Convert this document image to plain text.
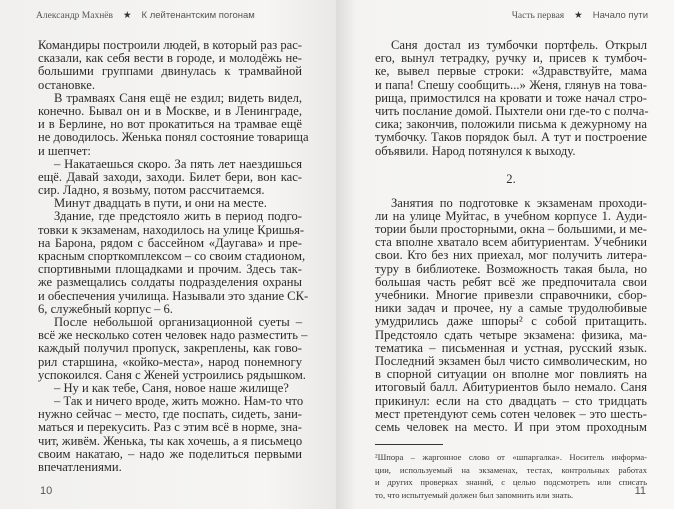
Александр Махнёв ★ К лейтенантским погонам
Командиры построили людей, в который раз рас-
сказали, как себя вести в городе, и молодёжь не-
большими группами двинулась к трамвайной
остановке.
В трамваях Саня ещё не ездил; видеть видел,
конечно. Бывал он и в Москве, и в Ленинграде,
и в Берлине, но вот прокатиться на трамвае ещё
не доводилось. Женька понял состояние товарища
и шепчет:
– Накатаешься скоро. За пять лет наездишься
ещё. Давай заходи, заходи. Билет бери, вон кас-
сир. Ладно, я возьму, потом рассчитаемся.
Минут двадцать в пути, и они на месте.
Здание, где предстояло жить в период подго-
товки к экзаменам, находилось на улице Кришья-
на Барона, рядом с бассейном «Даугава» и пре-
красным спорткомплексом – со своим стадионом,
спортивными площадками и прочим. Здесь так-
же размещались солдаты подразделения охраны
и обеспечения училища. Называли это здание СК-
6, служебный корпус – 6.
После небольшой организационной суеты –
всё же несколько сотен человек надо разместить –
каждый получил пропуск, закреплены, как гово-
рил старшина, «койко-места», народ понемногу
успокоился. Саня с Женей устроились рядышком.
– Ну и как тебе, Саня, новое наше жилище?
– Так и ничего вроде, жить можно. Нам-то что
нужно сейчас – место, где поспать, сидеть, зани-
маться и перекусить. Раз с этим всё в норме, зна-
чит, живём. Женька, ты как хочешь, а я письмецо
своим накатаю, – надо же поделиться первыми
впечатлениями.
10
Часть первая ★ Начало пути
Саня достал из тумбочки портфель. Открыл
его, вынул тетрадку, ручку и, присев к тумбоч-
ке, вывел первые строки: «Здравствуйте, мама
и папа! Спешу сообщить...» Женя, глянув на това-
рища, примостился на кровати и тоже начал стро-
чить послание домой. Пыхтели они где-то с полча-
сика; закончив, положили письма к дежурному на
тумбочку. Таков порядок был. А тут и построение
объявили. Народ потянулся к выходу.
2.
Занятия по подготовке к экзаменам проходи-
ли на улице Муйтас, в учебном корпусе 1. Ауди-
тории были просторными, окна – большими, и ме-
ста вполне хватало всем абитуриентам. Учебники
свои. Кто без них приехал, мог получить литера-
туру в библиотеке. Возможность такая была, но
большая часть ребят всё же предпочитала свои
учебники. Многие привезли справочники, сбор-
ники задач и прочее, ну а самые трудолюбивые
умудрились даже шпоры² с собой притащить.
Предстояло сдать четыре экзамена: физика, ма-
тематика – письменная и устная, русский язык.
Последний экзамен был чисто символическим, но
в спорной ситуации он вполне мог повлиять на
итоговый балл. Абитуриентов было немало. Саня
прикинул: если на сто двадцать – сто тридцать
мест претендуют семь сотен человек – это шесть-
семь человек на место. И при этом проходным
²Шпора – жаргонное слово от «шпаргалка». Носитель информа-
ции, используемый на экзаменах, тестах, контрольных работах
и других проверках знаний, с целью подсмотреть или списать
то, что испытуемый должен был запомнить или знать.	11
